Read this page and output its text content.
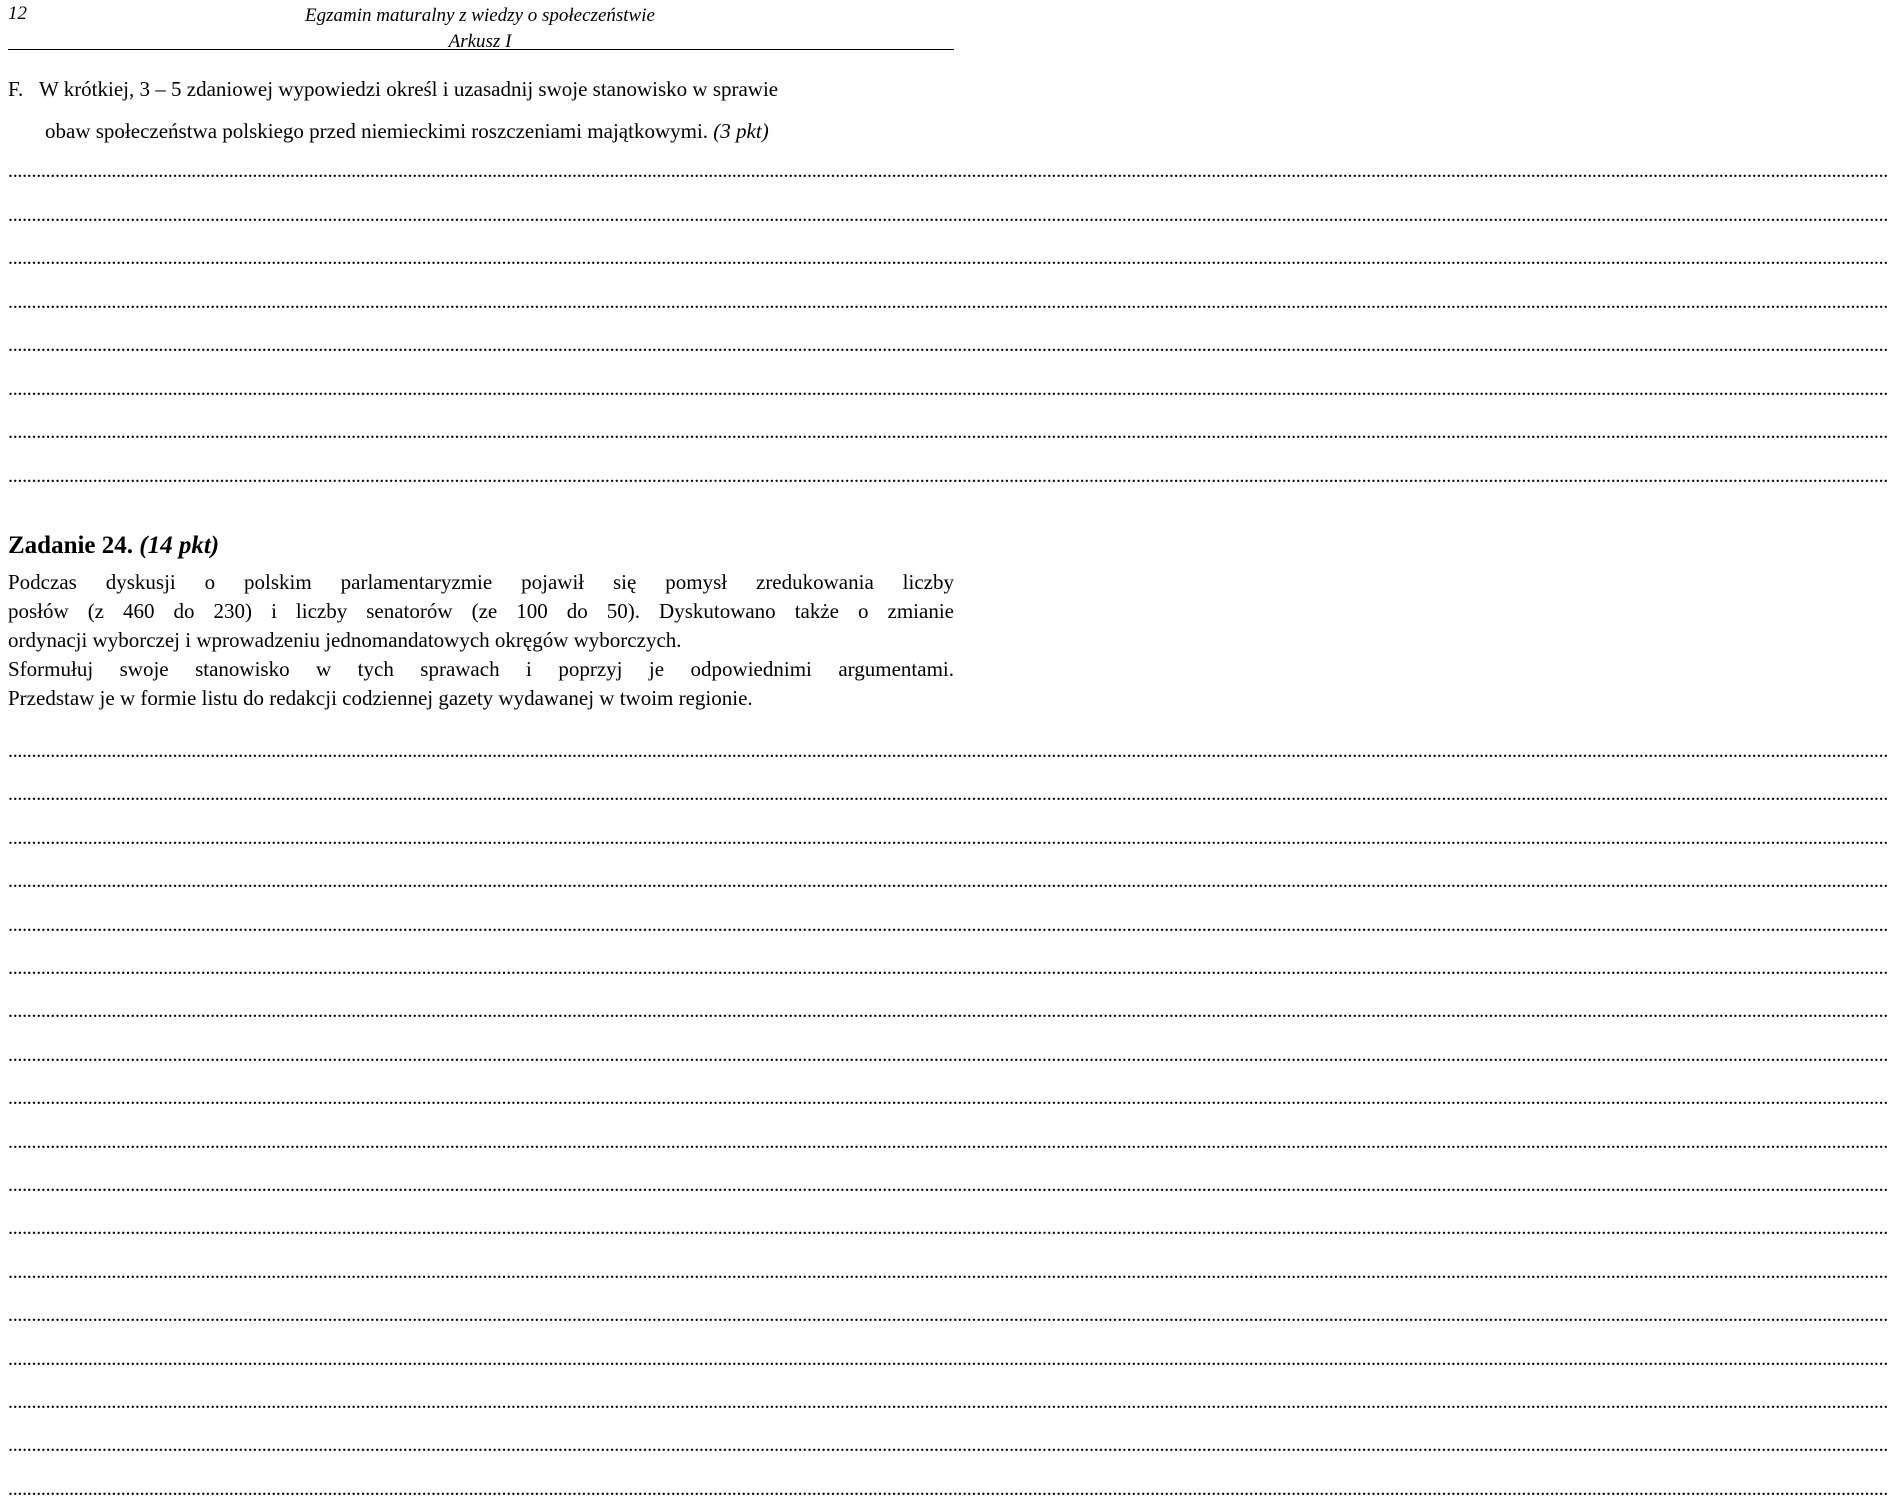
12	Egzamin maturalny z wiedzy o społeczeństwie
Arkusz I
F. W krótkiej, 3 – 5 zdaniowej wypowiedzi określ i uzasadnij swoje stanowisko w sprawie
obaw społeczeństwa polskiego przed niemieckimi roszczeniami majątkowymi. (3 pkt)
Zadanie 24. (14 pkt)

Podczas dyskusji o polskim parlamentaryzmie pojawił się pomysł zredukowania liczby

posłów (z 460 do 230) i liczby senatorów (ze 100 do 50). Dyskutowano także o zmianie

ordynacji wyborczej i wprowadzeniu jednomandatowych okręgów wyborczych.

Sformułuj swoje stanowisko w tych sprawach i poprzyj je odpowiednimi argumentami.

Przedstaw je w formie listu do redakcji codziennej gazety wydawanej w twoim regionie.

................................................................................................................................................................................................................................................................................................................................................................................................................
................................................................................................................................................................................................................................................................................................................................................................................................................
................................................................................................................................................................................................................................................................................................................................................................................................................
................................................................................................................................................................................................................................................................................................................................................................................................................
................................................................................................................................................................................................................................................................................................................................................................................................................
................................................................................................................................................................................................................................................................................................................................................................................................................
................................................................................................................................................................................................................................................................................................................................................................................................................
................................................................................................................................................................................................................................................................................................................................................................................................................
................................................................................................................................................................................................................................................................................................................................................................................................................
................................................................................................................................................................................................................................................................................................................................................................................................................
................................................................................................................................................................................................................................................................................................................................................................................................................
................................................................................................................................................................................................................................................................................................................................................................................................................
................................................................................................................................................................................................................................................................................................................................................................................................................
................................................................................................................................................................................................................................................................................................................................................................................................................
................................................................................................................................................................................................................................................................................................................................................................................................................
................................................................................................................................................................................................................................................................................................................................................................................................................
................................................................................................................................................................................................................................................................................................................................................................................................................
................................................................................................................................................................................................................................................................................................................................................................................................................
................................................................................................................................................................................................................................................................................................................................................................................................................
................................................................................................................................................................................................................................................................................................................................................................................................................
................................................................................................................................................................................................................................................................................................................................................................................................................
................................................................................................................................................................................................................................................................................................................................................................................................................
................................................................................................................................................................................................................................................................................................................................................................................................................
................................................................................................................................................................................................................................................................................................................................................................................................................
................................................................................................................................................................................................................................................................................................................................................................................................................
................................................................................................................................................................................................................................................................................................................................................................................................................
